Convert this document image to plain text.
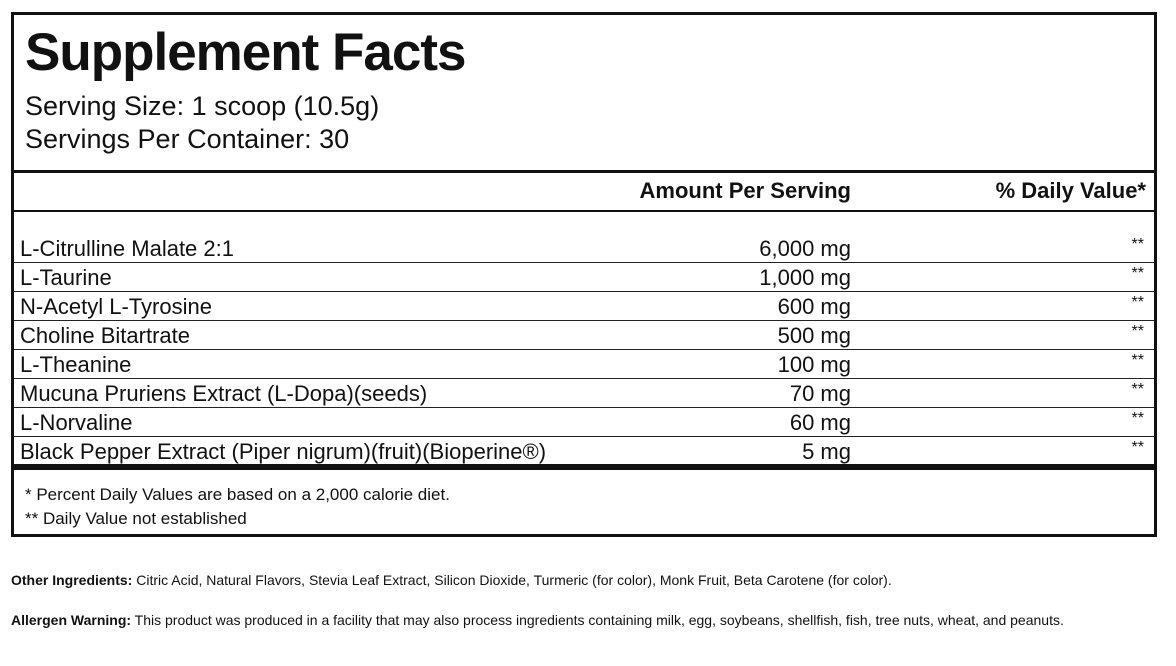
Supplement Facts
Serving Size: 1 scoop (10.5g)
Servings Per Container: 30
Amount Per Serving	% Daily Value*
L-Citrulline Malate 2:1	6,000 mg	**
L-Taurine	1,000 mg	**
N-Acetyl L-Tyrosine	600 mg	**
Choline Bitartrate	500 mg	**
L-Theanine	100 mg	**
Mucuna Pruriens Extract (L-Dopa)(seeds)	70 mg	**
L-Norvaline	60 mg	**
Black Pepper Extract (Piper nigrum)(fruit)(Bioperine®)	5 mg	**
* Percent Daily Values are based on a 2,000 calorie diet.
** Daily Value not established
Other Ingredients: Citric Acid, Natural Flavors, Stevia Leaf Extract, Silicon Dioxide, Turmeric (for color), Monk Fruit, Beta Carotene (for color).
Allergen Warning: This product was produced in a facility that may also process ingredients containing milk, egg, soybeans, shellfish, fish, tree nuts, wheat, and peanuts.
